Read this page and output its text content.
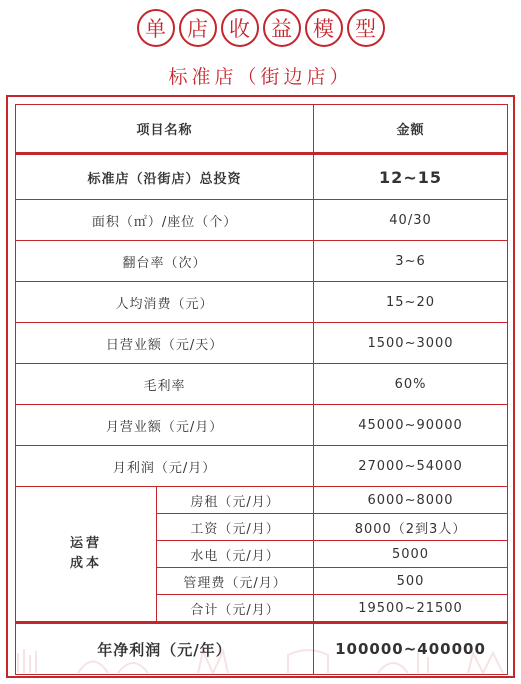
单	店	收	益	模	型
标准店（街边店）
项目名称		金额
标准店（沿街店）总投资		12~15
面积（㎡）/座位（个）		40/30
翻台率（次）		3~6
人均消费（元）		15~20
日营业额（元/天）		1500~3000
毛利率		60%
月营业额（元/月）		45000~90000
月利润（元/月）		27000~54000

运营
成本	房租（元/月）	6000~8000
	工资（元/月）	8000（2到3人）
	水电（元/月）	5000
	管理费（元/月）	500
	合计（元/月）	19500~21500
年净利润（元/年）		100000~400000
